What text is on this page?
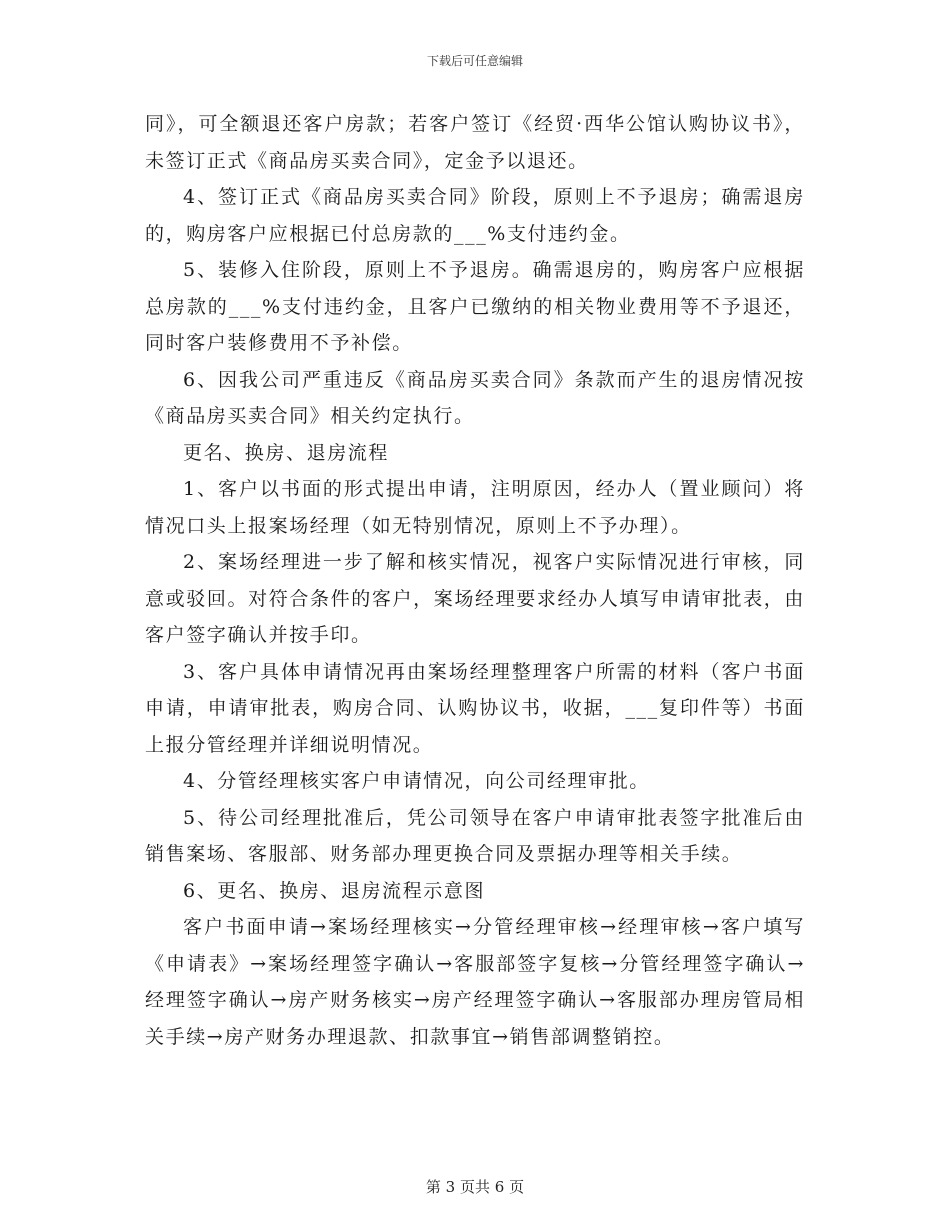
下载后可任意编辑

同》，可全额退还客户房款；若客户签订《经贸·西华公馆认购协议书》，未签订正式《商品房买卖合同》，定金予以退还。

4、签订正式《商品房买卖合同》阶段，原则上不予退房；确需退房的，购房客户应根据已付总房款的___%支付违约金。

5、装修入住阶段，原则上不予退房。确需退房的，购房客户应根据总房款的___%支付违约金，且客户已缴纳的相关物业费用等不予退还，同时客户装修费用不予补偿。

6、因我公司严重违反《商品房买卖合同》条款而产生的退房情况按《商品房买卖合同》相关约定执行。

更名、换房、退房流程

1、客户以书面的形式提出申请，注明原因，经办人（置业顾问）将情况口头上报案场经理（如无特别情况，原则上不予办理）。

2、案场经理进一步了解和核实情况，视客户实际情况进行审核，同意或驳回。对符合条件的客户，案场经理要求经办人填写申请审批表，由客户签字确认并按手印。

3、客户具体申请情况再由案场经理整理客户所需的材料（客户书面申请，申请审批表，购房合同、认购协议书，收据，___复印件等）书面上报分管经理并详细说明情况。

4、分管经理核实客户申请情况，向公司经理审批。

5、待公司经理批准后，凭公司领导在客户申请审批表签字批准后由销售案场、客服部、财务部办理更换合同及票据办理等相关手续。

6、更名、换房、退房流程示意图

客户书面申请→案场经理核实→分管经理审核→经理审核→客户填写《申请表》→案场经理签字确认→客服部签字复核→分管经理签字确认→经理签字确认→房产财务核实→房产经理签字确认→客服部办理房管局相关手续→房产财务办理退款、扣款事宜→销售部调整销控。

第 3 页共 6 页
